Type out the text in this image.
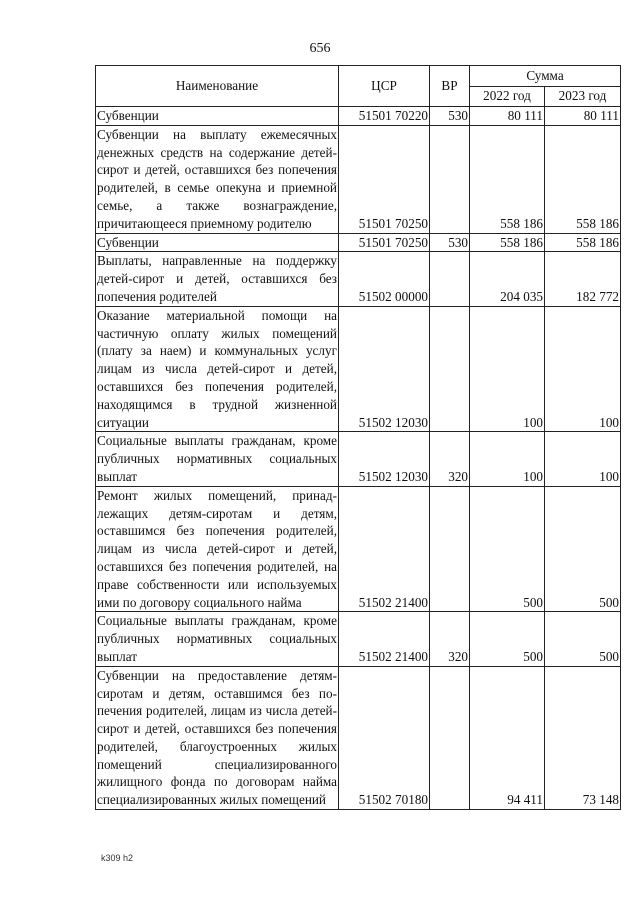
656
Наименование	ЦСР	ВР	Сумма	
			2022 год	2023 год
Субвенции	51501 70220	530	80 111	80 111
Субвенции на выплату ежемесячных денежных средств на содержание детей-сирот и детей, оставшихся без попечения родителей, в семье опекуна и приемной семье, а также вознаграждение, причитающееся приемному родителю	51501 70250		558 186	558 186
Субвенции	51501 70250	530	558 186	558 186
Выплаты, направленные на поддержку детей-сирот и детей, оставшихся без попечения родителей	51502 00000		204 035	182 772
Оказание материальной помощи на частичную оплату жилых помещений (плату за наем) и коммунальных услуг лицам из числа детей-сирот и детей, оставшихся без попечения родителей, находящимся в трудной жизненной ситуации	51502 12030		100	100
Социальные выплаты гражданам, кроме публичных нормативных социальных выплат	51502 12030	320	100	100
Ремонт жилых помещений, принадлежащих детям-сиротам и детям, оставшимся без попечения родителей, лицам из числа детей-сирот и детей, оставшихся без попечения родителей, на праве собственности или используемых ими по договору социального найма	51502 21400		500	500
Социальные выплаты гражданам, кроме публичных нормативных социальных выплат	51502 21400	320	500	500
Субвенции на предоставление детям-сиротам и детям, оставшимся без попечения родителей, лицам из числа детей-сирот и детей, оставшихся без попечения родителей, благоустроенных жилых помещений специализированного жилищного фонда по договорам найма специализированных жилых помещений	51502 70180		94 411	73 148
k309 h2
